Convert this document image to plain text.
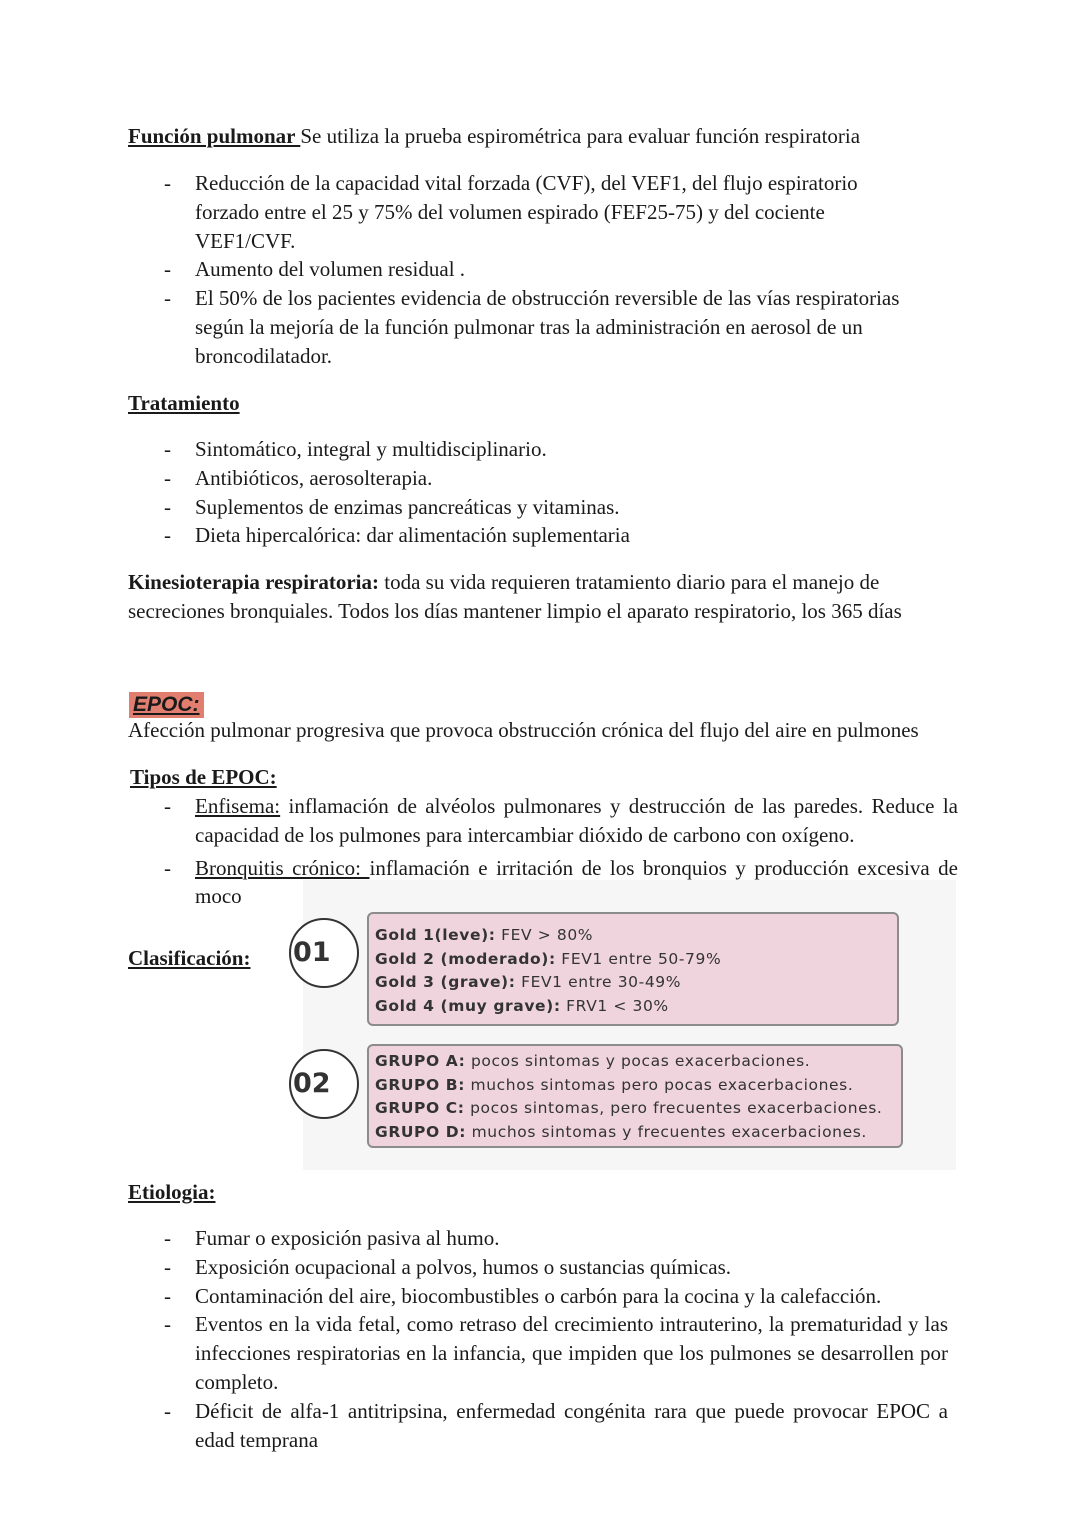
Función pulmonar Se utiliza la prueba espirométrica para evaluar función respiratoria
- Reducción de la capacidad vital forzada (CVF), del VEF1, del flujo espiratorio forzado entre el 25 y 75% del volumen espirado (FEF25-75) y del cociente VEF1/CVF.
- Aumento del volumen residual .
- El 50% de los pacientes evidencia de obstrucción reversible de las vías respiratorias según la mejoría de la función pulmonar tras la administración en aerosol de un broncodilatador.
Tratamiento
- Sintomático, integral y multidisciplinario.
- Antibióticos, aerosolterapia.
- Suplementos de enzimas pancreáticas y vitaminas.
- Dieta hipercalórica: dar alimentación suplementaria
Kinesioterapia respiratoria: toda su vida requieren tratamiento diario para el manejo de
secreciones bronquiales. Todos los días mantener limpio el aparato respiratorio, los 365 días
EPOC:
Afección pulmonar progresiva que provoca obstrucción crónica del flujo del aire en pulmones
Tipos de EPOC:
- Enfisema: inflamación de alvéolos pulmonares y destrucción de las paredes. Reduce la capacidad de los pulmones para intercambiar dióxido de carbono con oxígeno.
- Bronquitis crónico: inflamación e irritación de los bronquios y producción excesiva de moco
Clasificación: 01
Gold 1(leve): FEV > 80%
Gold 2 (moderado): FEV1 entre 50-79%
Gold 3 (grave): FEV1 entre 30-49%
Gold 4 (muy grave): FRV1 < 30%
02
GRUPO A: pocos sintomas y pocas exacerbaciones.
GRUPO B: muchos sintomas pero pocas exacerbaciones.
GRUPO C: pocos sintomas, pero frecuentes exacerbaciones.
GRUPO D: muchos sintomas y frecuentes exacerbaciones.
Etiologia:
- Fumar o exposición pasiva al humo.
- Exposición ocupacional a polvos, humos o sustancias químicas.
- Contaminación del aire, biocombustibles o carbón para la cocina y la calefacción.
- Eventos en la vida fetal, como retraso del crecimiento intrauterino, la prematuridad y las infecciones respiratorias en la infancia, que impiden que los pulmones se desarrollen por completo.
- Déficit de alfa-1 antitripsina, enfermedad congénita rara que puede provocar EPOC a edad temprana
